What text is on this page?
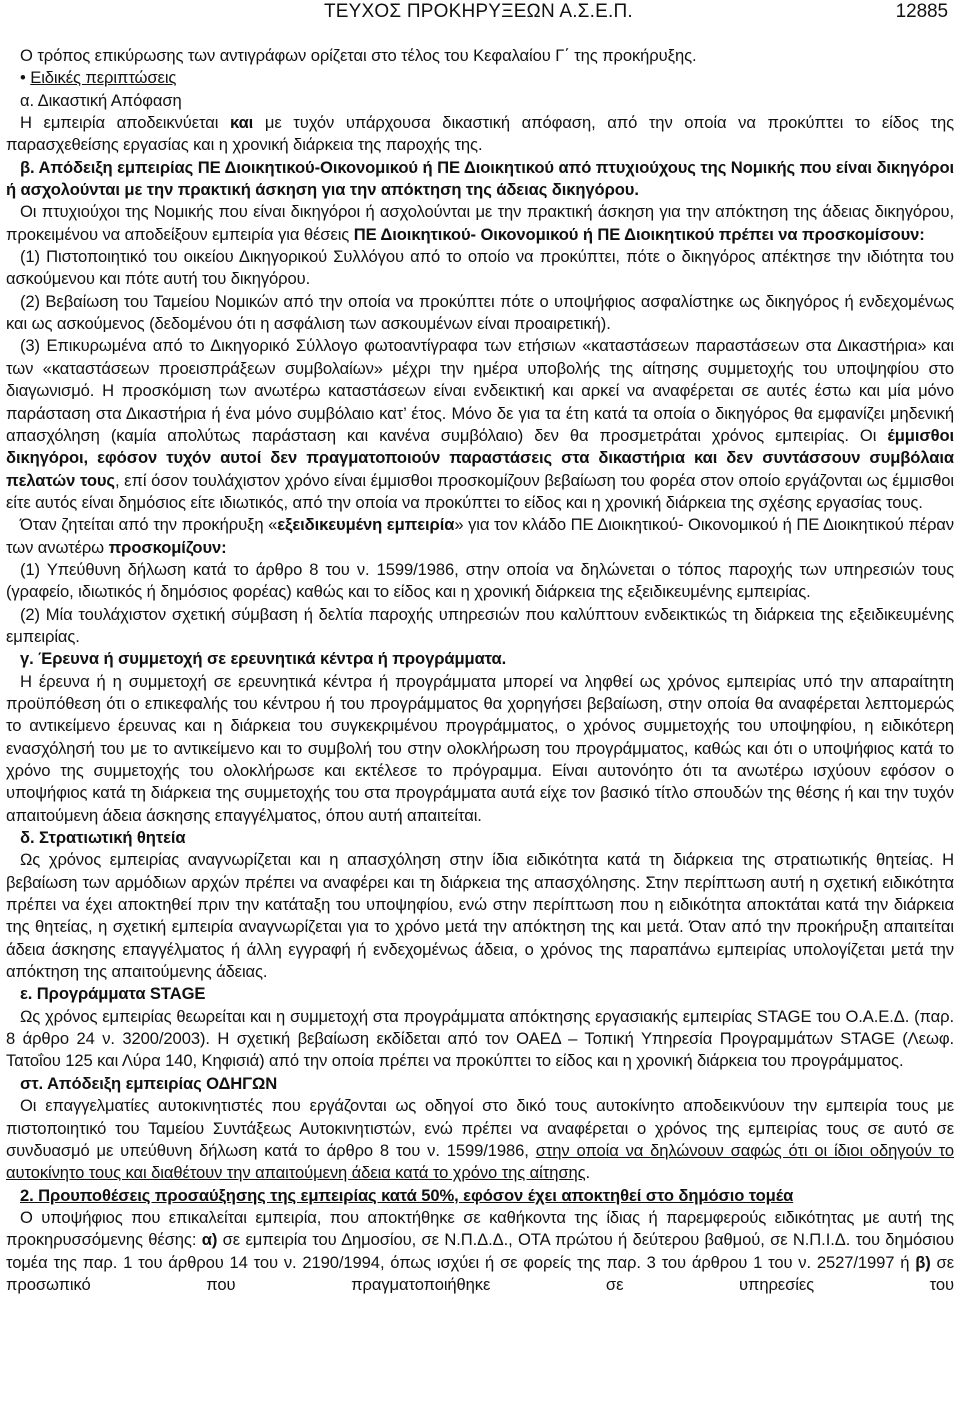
ΤΕΥΧΟΣ ΠΡΟΚΗΡΥΞΕΩΝ Α.Σ.Ε.Π.	12885

Ο τρόπος επικύρωσης των αντιγράφων ορίζεται στο τέλος του Κεφαλαίου Γ΄ της προκήρυξης.

• Ειδικές περιπτώσεις

α. Δικαστική Απόφαση

Η εμπειρία αποδεικνύεται και με τυχόν υπάρχουσα δικαστική απόφαση, από την οποία να προκύπτει το είδος της παρασχεθείσης εργασίας και η χρονική διάρκεια της παροχής της.

β. Απόδειξη εμπειρίας ΠΕ Διοικητικού-Οικονομικού ή ΠΕ Διοικητικού από πτυχιούχους της Νομικής που είναι δικηγόροι ή ασχολούνται με την πρακτική άσκηση για την απόκτηση της άδειας δικηγόρου.

Οι πτυχιούχοι της Νομικής που είναι δικηγόροι ή ασχολούνται με την πρακτική άσκηση για την απόκτηση της άδειας δικηγόρου, προκειμένου να αποδείξουν εμπειρία για θέσεις ΠΕ Διοικητικού- Οικονομικού ή ΠΕ Διοικητικού πρέπει να προσκομίσουν:

(1) Πιστοποιητικό του οικείου Δικηγορικού Συλλόγου από το οποίο να προκύπτει, πότε ο δικηγόρος απέκτησε την ιδιότητα του ασκούμενου και πότε αυτή του δικηγόρου.

(2) Βεβαίωση του Ταμείου Νομικών από την οποία να προκύπτει πότε ο υποψήφιος ασφαλίστηκε ως δικηγόρος ή ενδεχομένως και ως ασκούμενος (δεδομένου ότι η ασφάλιση των ασκουμένων είναι προαιρετική).

(3) Επικυρωμένα από το Δικηγορικό Σύλλογο φωτοαντίγραφα των ετήσιων «καταστάσεων παραστάσεων στα Δικαστήρια» και των «καταστάσεων προεισπράξεων συμβολαίων» μέχρι την ημέρα υποβολής της αίτησης συμμετοχής του υποψηφίου στο διαγωνισμό. Η προσκόμιση των ανωτέρω καταστάσεων είναι ενδεικτική και αρκεί να αναφέρεται σε αυτές έστω και μία μόνο παράσταση στα Δικαστήρια ή ένα μόνο συμβόλαιο κατ’ έτος. Μόνο δε για τα έτη κατά τα οποία ο δικηγόρος θα εμφανίζει μηδενική απασχόληση (καμία απολύτως παράσταση και κανένα συμβόλαιο) δεν θα προσμετράται χρόνος εμπειρίας. Οι έμμισθοι δικηγόροι, εφόσον τυχόν αυτοί δεν πραγματοποιούν παραστάσεις στα δικαστήρια και δεν συντάσσουν συμβόλαια πελατών τους, επί όσον τουλάχιστον χρόνο είναι έμμισθοι προσκομίζουν βεβαίωση του φορέα στον οποίο εργάζονται ως έμμισθοι είτε αυτός είναι δημόσιος είτε ιδιωτικός, από την οποία να προκύπτει το είδος και η χρονική διάρκεια της σχέσης εργασίας τους.

Όταν ζητείται από την προκήρυξη «εξειδικευμένη εμπειρία» για τον κλάδο ΠΕ Διοικητικού- Οικονομικού ή ΠΕ Διοικητικού πέραν των ανωτέρω προσκομίζουν:

(1) Υπεύθυνη δήλωση κατά το άρθρο 8 του ν. 1599/1986, στην οποία να δηλώνεται ο τόπος παροχής των υπηρεσιών τους (γραφείο, ιδιωτικός ή δημόσιος φορέας) καθώς και το είδος και η χρονική διάρκεια της εξειδικευμένης εμπειρίας.

(2) Μία τουλάχιστον σχετική σύμβαση ή δελτία παροχής υπηρεσιών που καλύπτουν ενδεικτικώς τη διάρκεια της εξειδικευμένης εμπειρίας.

γ. Έρευνα ή συμμετοχή σε ερευνητικά κέντρα ή προγράμματα.

Η έρευνα ή η συμμετοχή σε ερευνητικά κέντρα ή προγράμματα μπορεί να ληφθεί ως χρόνος εμπειρίας υπό την απαραίτητη προϋπόθεση ότι ο επικεφαλής του κέντρου ή του προγράμματος θα χορηγήσει βεβαίωση, στην οποία θα αναφέρεται λεπτομερώς το αντικείμενο έρευνας και η διάρκεια του συγκεκριμένου προγράμματος, ο χρόνος συμμετοχής του υποψηφίου, η ειδικότερη ενασχόλησή του με το αντικείμενο και το συμβολή του στην ολοκλήρωση του προγράμματος, καθώς και ότι ο υποψήφιος κατά το χρόνο της συμμετοχής του ολοκλήρωσε και εκτέλεσε το πρόγραμμα. Είναι αυτονόητο ότι τα ανωτέρω ισχύουν εφόσον ο υποψήφιος κατά τη διάρκεια της συμμετοχής του στα προγράμματα αυτά είχε τον βασικό τίτλο σπουδών της θέσης ή και την τυχόν απαιτούμενη άδεια άσκησης επαγγέλματος, όπου αυτή απαιτείται.

δ. Στρατιωτική θητεία

Ως χρόνος εμπειρίας αναγνωρίζεται και η απασχόληση στην ίδια ειδικότητα κατά τη διάρκεια της στρατιωτικής θητείας. Η βεβαίωση των αρμόδιων αρχών πρέπει να αναφέρει και τη διάρκεια της απασχόλησης. Στην περίπτωση αυτή η σχετική ειδικότητα πρέπει να έχει αποκτηθεί πριν την κατάταξη του υποψηφίου, ενώ στην περίπτωση που η ειδικότητα αποκτάται κατά την διάρκεια της θητείας, η σχετική εμπειρία αναγνωρίζεται για το χρόνο μετά την απόκτηση της και μετά. Όταν από την προκήρυξη απαιτείται άδεια άσκησης επαγγέλματος ή άλλη εγγραφή ή ενδεχομένως άδεια, ο χρόνος της παραπάνω εμπειρίας υπολογίζεται μετά την απόκτηση της απαιτούμενης άδειας.

ε. Προγράμματα STAGE

Ως χρόνος εμπειρίας θεωρείται και η συμμετοχή στα προγράμματα απόκτησης εργασιακής εμπειρίας STAGE του Ο.Α.Ε.Δ. (παρ. 8 άρθρο 24 ν. 3200/2003). Η σχετική βεβαίωση εκδίδεται από τον ΟΑΕΔ – Τοπική Υπηρεσία Προγραμμάτων STAGE (Λεωφ. Τατοΐου 125 και Λύρα 140, Κηφισιά) από την οποία πρέπει να προκύπτει το είδος και η χρονική διάρκεια του προγράμματος.

στ. Απόδειξη εμπειρίας ΟΔΗΓΩΝ

Οι επαγγελματίες αυτοκινητιστές που εργάζονται ως οδηγοί στο δικό τους αυτοκίνητο αποδεικνύουν την εμπειρία τους με πιστοποιητικό του Ταμείου Συντάξεως Αυτοκινητιστών, ενώ πρέπει να αναφέρεται ο χρόνος της εμπειρίας τους σε αυτό σε συνδυασμό με υπεύθυνη δήλωση κατά το άρθρο 8 του ν. 1599/1986, στην οποία να δηλώνουν σαφώς ότι οι ίδιοι οδηγούν το αυτοκίνητο τους και διαθέτουν την απαιτούμενη άδεια κατά το χρόνο της αίτησης.

2. Προυποθέσεις προσαύξησης της εμπειρίας κατά 50%, εφόσον έχει αποκτηθεί στο δημόσιο τομέα

Ο υποψήφιος που επικαλείται εμπειρία, που αποκτήθηκε σε καθήκοντα της ίδιας ή παρεμφερούς ειδικότητας με αυτή της προκηρυσσόμενης θέσης: α) σε εμπειρία του Δημοσίου, σε Ν.Π.Δ.Δ., ΟΤΑ πρώτου ή δεύτερου βαθμού, σε Ν.Π.Ι.Δ. του δημόσιου τομέα της παρ. 1 του άρθρου 14 του ν. 2190/1994, όπως ισχύει ή σε φορείς της παρ. 3 του άρθρου 1 του ν. 2527/1997 ή β) σε προσωπικό που πραγματοποιήθηκε σε υπηρεσίες του
